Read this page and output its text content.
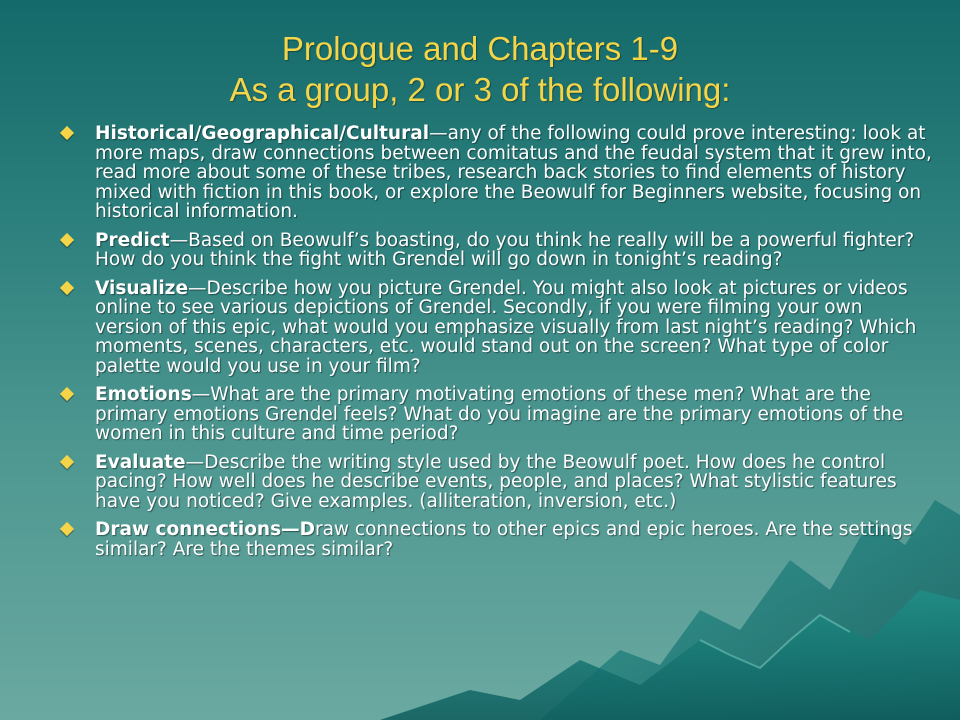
Prologue and Chapters 1-9
As a group, 2 or 3 of the following:
Historical/Geographical/Cultural—any of the following could prove interesting: look at more maps, draw connections between comitatus and the feudal system that it grew into, read more about some of these tribes, research back stories to find elements of history mixed with fiction in this book, or explore the Beowulf for Beginners website, focusing on historical information.
Predict—Based on Beowulf’s boasting, do you think he really will be a powerful fighter? How do you think the fight with Grendel will go down in tonight’s reading?
Visualize—Describe how you picture Grendel. You might also look at pictures or videos online to see various depictions of Grendel. Secondly, if you were filming your own version of this epic, what would you emphasize visually from last night’s reading? Which moments, scenes, characters, etc. would stand out on the screen? What type of color palette would you use in your film?
Emotions—What are the primary motivating emotions of these men? What are the primary emotions Grendel feels? What do you imagine are the primary emotions of the women in this culture and time period?
Evaluate—Describe the writing style used by the Beowulf poet. How does he control pacing? How well does he describe events, people, and places? What stylistic features have you noticed? Give examples. (alliteration, inversion, etc.)
Draw connections—Draw connections to other epics and epic heroes. Are the settings similar? Are the themes similar?
